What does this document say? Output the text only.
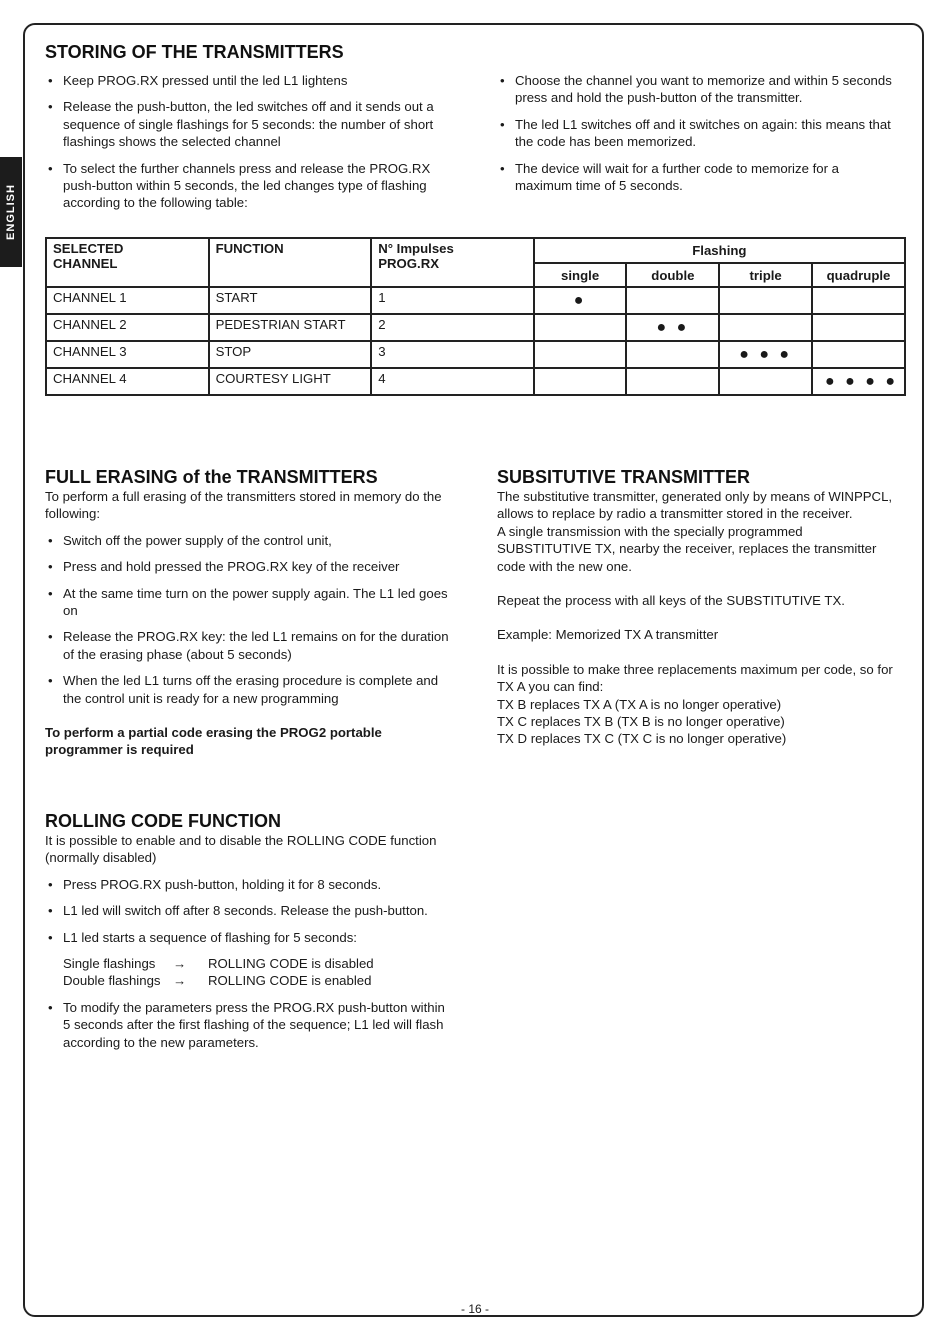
ENGLISH
STORING OF THE TRANSMITTERS
• Keep PROG.RX pressed until the led L1 lightens
• Release the push-button, the led switches off and it sends out a sequence of single flashings for 5 seconds: the number of short flashings shows the selected channel
• To select the further channels press and release the PROG.RX push-button within 5 seconds, the led changes type of flashing according to the following table:
• Choose the channel you want to memorize and within 5 seconds press and hold the push-button of the transmitter.
• The led L1 switches off and it switches on again: this means that the code has been memorized.
• The device will wait for a further code to memorize for a maximum time of 5 seconds.
SELECTED
CHANNEL	FUNCTION	N° Impulses
PROG.RX	Flashing			
			single	double	triple	quadruple
CHANNEL 1	START	1	●			
CHANNEL 2	PEDESTRIAN START	2		● ●		
CHANNEL 3	STOP	3			● ● ●	
CHANNEL 4	COURTESY LIGHT	4				● ● ● ●
FULL ERASING of the TRANSMITTERS

To perform a full erasing of the transmitters stored in memory do the following:

• Switch off the power supply of the control unit,
• Press and hold pressed the PROG.RX key of the receiver
• At the same time turn on the power supply again. The L1 led goes on
• Release the PROG.RX key: the led L1 remains on for the duration of the erasing phase (about 5 seconds)
• When the led L1 turns off the erasing procedure is complete and the control unit is ready for a new programming

To perform a partial code erasing the PROG2 portable programmer is required

SUBSITUTIVE TRANSMITTER

The substitutive transmitter, generated only by means of WINPPCL, allows to replace by radio a transmitter stored in the receiver.

A single transmission with the specially programmed SUBSTITUTIVE TX, nearby the receiver, replaces the transmitter code with the new one.

Repeat the process with all keys of the SUBSTITUTIVE TX.

Example: Memorized TX A transmitter

It is possible to make three replacements maximum per code, so for TX A you can find:

TX B replaces TX A (TX A is no longer operative)

TX C replaces TX B (TX B is no longer operative)

TX D replaces TX C (TX C is no longer operative)

ROLLING CODE FUNCTION

It is possible to enable and to disable the ROLLING CODE function (normally disabled)

• Press PROG.RX push-button, holding it for 8 seconds.
• L1 led will switch off after 8 seconds. Release the push-button.
• L1 led starts a sequence of flashing for 5 seconds:
Single flashings	→	ROLLING CODE is disabled
Double flashings →	ROLLING CODE is enabled
• To modify the parameters press the PROG.RX push-button within 5 seconds after the first flashing of the sequence; L1 led will flash according to the new parameters.
- 16 -
